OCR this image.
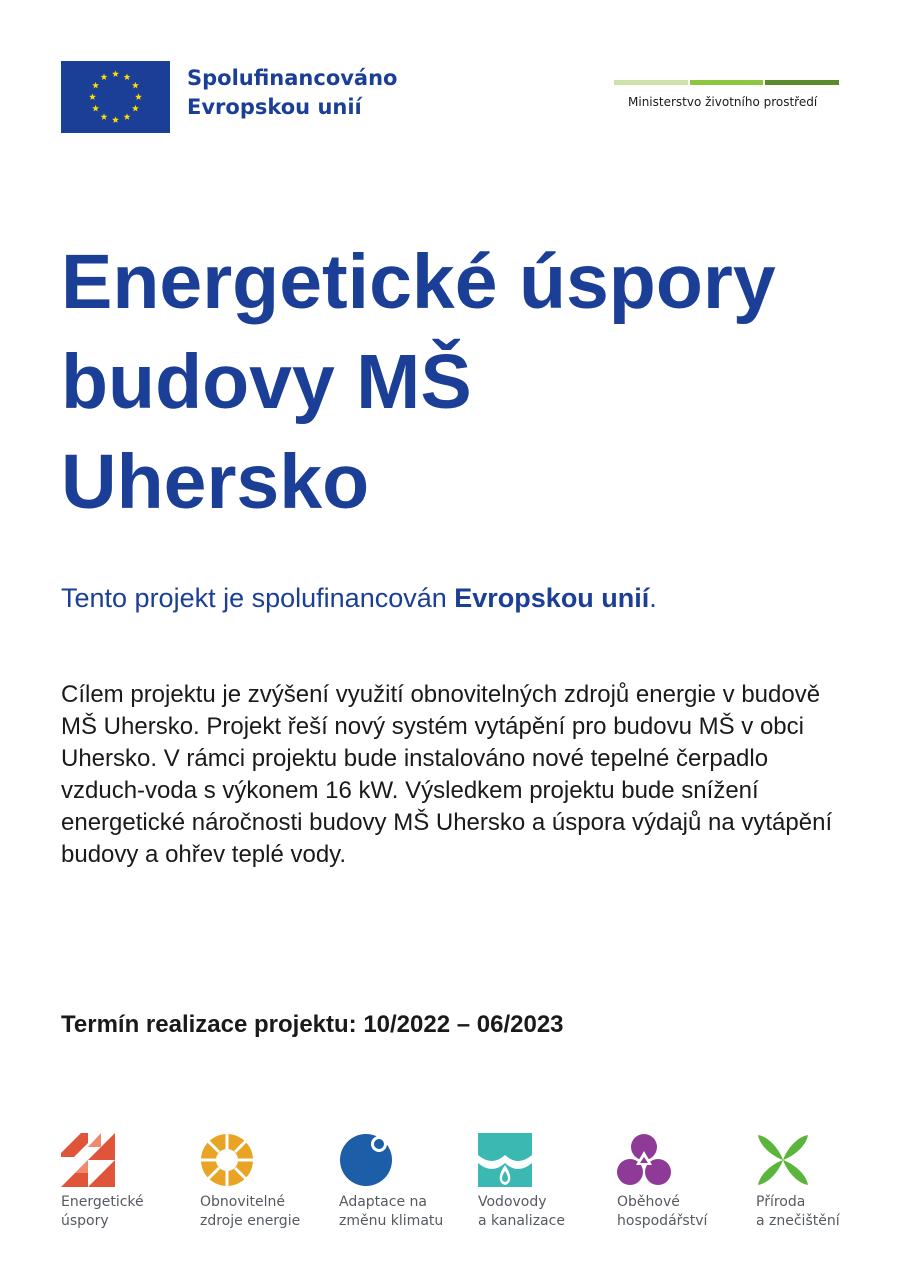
Spolufinancováno
Evropskou unií	Ministerstvo životního prostředí
Energetické úspory
budovy MŠ
Uhersko
Tento projekt je spolufinancován Evropskou unií.

Cílem projektu je zvýšení využití obnovitelných zdrojů energie v budově MŠ Uhersko. Projekt řeší nový systém vytápění pro budovu MŠ v obci Uhersko. V rámci projektu bude instalováno nové tepelné čerpadlo vzduch-voda s výkonem 16 kW. Výsledkem projektu bude snížení energetické náročnosti budovy MŠ Uhersko a úspora výdajů na vytápění budovy a ohřev teplé vody.

Termín realizace projektu: 10/2022 – 06/2023
Energetické
úspory
Obnovitelné
zdroje energie
Adaptace na
změnu klimatu
Vodovody
a kanalizace
Oběhové
hospodářství
Příroda
a znečištění
